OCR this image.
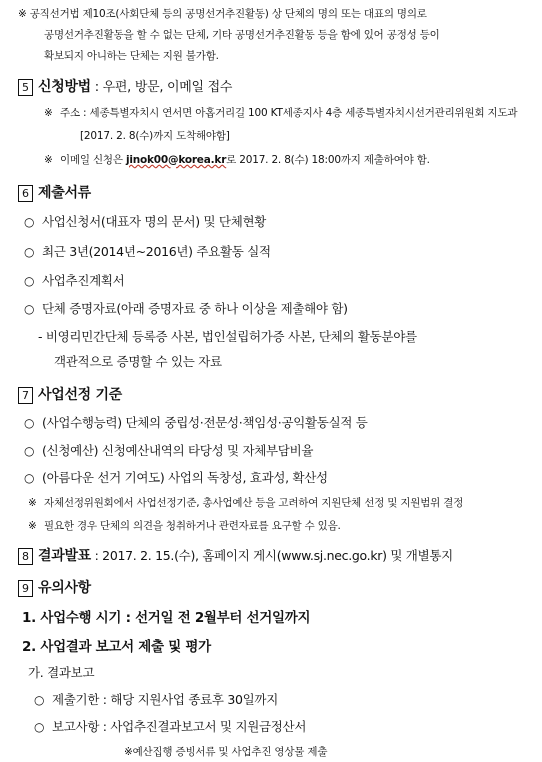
※ 공직선거법 제10조(사회단체 등의 공명선거추진활동) 상 단체의 명의 또는 대표의 명의로
공명선거추진활동을 할 수 없는 단체, 기타 공명선거추진활동 등을 함에 있어 공정성 등이
확보되지 아니하는 단체는 지원 불가함.
5 신청방법 : 우편, 방문, 이메일 접수
※ 주소 : 세종특별자치시 연서면 아홉거리길 100 KT세종지사 4층 세종특별자치시선거관리위원회 지도과
[2017. 2. 8(수)까지 도착해야함]
※ 이메일 신청은 jinok00@korea.kr로 2017. 2. 8(수) 18:00까지 제출하여야 함.
6 제출서류
○ 사업신청서(대표자 명의 문서) 및 단체현황
○ 최근 3년(2014년~2016년) 주요활동 실적
○ 사업추진계획서
○ 단체 증명자료(아래 증명자료 중 하나 이상을 제출해야 함)
- 비영리민간단체 등록증 사본, 법인설립허가증 사본, 단체의 활동분야를
객관적으로 증명할 수 있는 자료
7 사업선정 기준
○ (사업수행능력) 단체의 중립성·전문성·책임성·공익활동실적 등
○ (신청예산) 신청예산내역의 타당성 및 자체부담비율
○ (아름다운 선거 기여도) 사업의 독창성, 효과성, 확산성
※ 자체선정위원회에서 사업선정기준, 총사업예산 등을 고려하여 지원단체 선정 및 지원범위 결정
※ 필요한 경우 단체의 의견을 청취하거나 관련자료를 요구할 수 있음.
8 결과발표 : 2017. 2. 15.(수), 홈페이지 게시(www.sj.nec.go.kr) 및 개별통지
9 유의사항
1. 사업수행 시기 : 선거일 전 2월부터 선거일까지
2. 사업결과 보고서 제출 및 평가
가. 결과보고
○ 제출기한 : 해당 지원사업 종료후 30일까지
○ 보고사항 : 사업추진결과보고서 및 지원금정산서
※예산집행 증빙서류 및 사업추진 영상물 제출
